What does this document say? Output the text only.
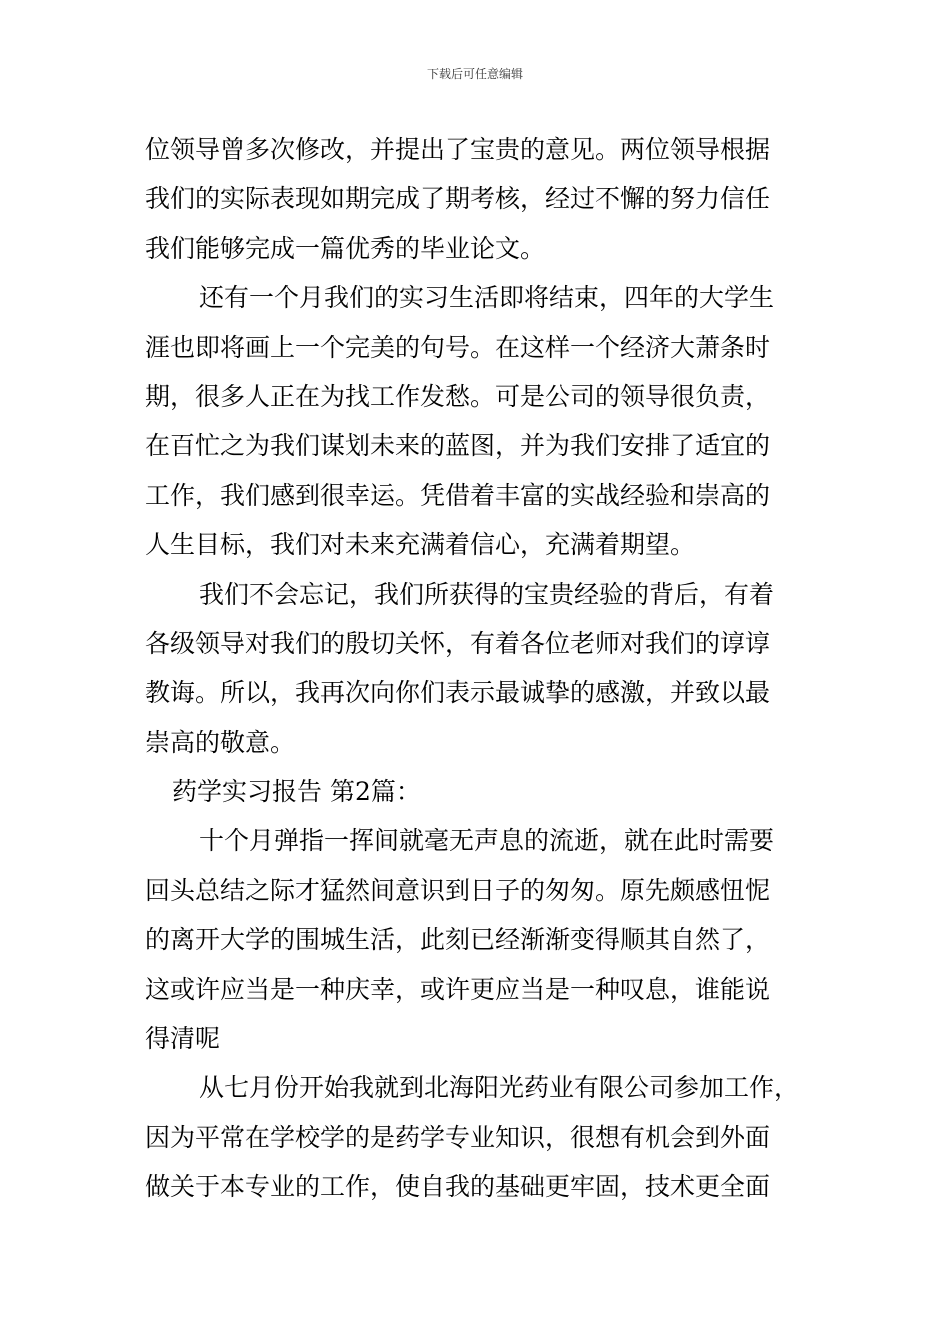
下载后可任意编辑
位领导曾多次修改，并提出了宝贵的意见。两位领导根据
我们的实际表现如期完成了期考核，经过不懈的努力信任
我们能够完成一篇优秀的毕业论文。
还有一个月我们的实习生活即将结束，四年的大学生
涯也即将画上一个完美的句号。在这样一个经济大萧条时
期，很多人正在为找工作发愁。可是公司的领导很负责，
在百忙之为我们谋划未来的蓝图，并为我们安排了适宜的
工作，我们感到很幸运。凭借着丰富的实战经验和崇高的
人生目标，我们对未来充满着信心，充满着期望。
我们不会忘记，我们所获得的宝贵经验的背后，有着
各级领导对我们的殷切关怀，有着各位老师对我们的谆谆
教诲。所以，我再次向你们表示最诚挚的感激，并致以最
崇高的敬意。
药学实习报告 第2篇：
十个月弹指一挥间就毫无声息的流逝，就在此时需要
回头总结之际才猛然间意识到日子的匆匆。原先颇感忸怩
的离开大学的围城生活，此刻已经渐渐变得顺其自然了，
这或许应当是一种庆幸，或许更应当是一种叹息，谁能说
得清呢
从七月份开始我就到北海阳光药业有限公司参加工作，
因为平常在学校学的是药学专业知识，很想有机会到外面
做关于本专业的工作，使自我的基础更牢固，技术更全面
